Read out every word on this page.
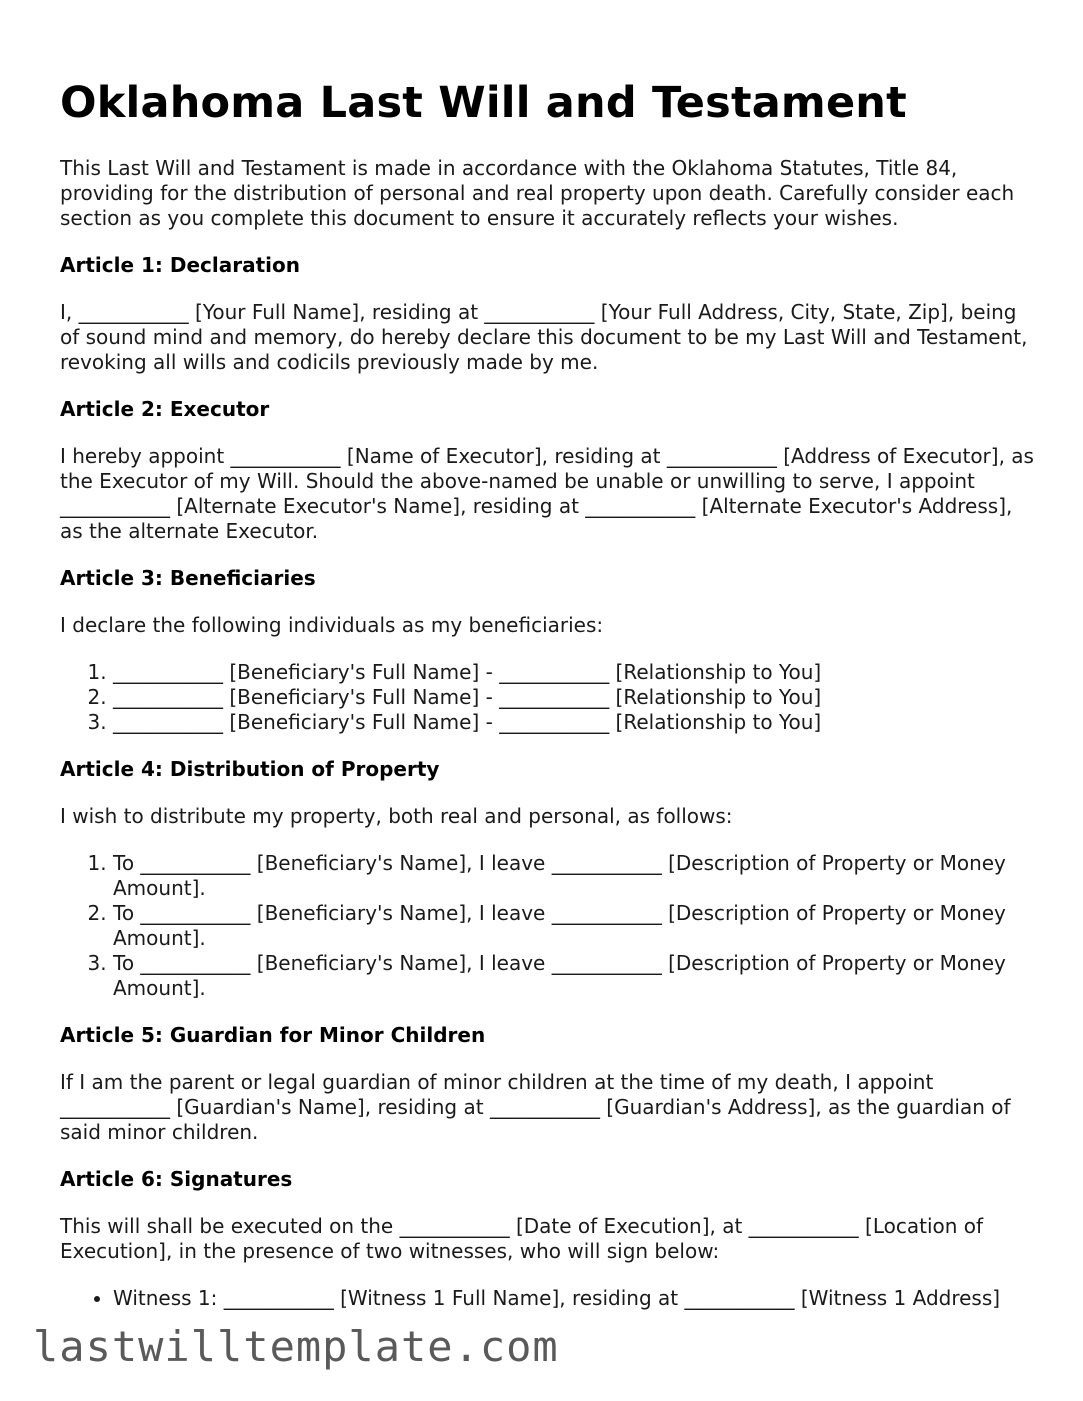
Oklahoma Last Will and Testament

This Last Will and Testament is made in accordance with the Oklahoma Statutes, Title 84, providing for the distribution of personal and real property upon death. Carefully consider each section as you complete this document to ensure it accurately reflects your wishes.

Article 1: Declaration

I, ___________ [Your Full Name], residing at ___________ [Your Full Address, City, State, Zip], being of sound mind and memory, do hereby declare this document to be my Last Will and Testament, revoking all wills and codicils previously made by me.

Article 2: Executor

I hereby appoint ___________ [Name of Executor], residing at ___________ [Address of Executor], as the Executor of my Will. Should the above-named be unable or unwilling to serve, I appoint ___________ [Alternate Executor's Name], residing at ___________ [Alternate Executor's Address], as the alternate Executor.

Article 3: Beneficiaries

I declare the following individuals as my beneficiaries:

1. ___________ [Beneficiary's Full Name] - ___________ [Relationship to You]
2. ___________ [Beneficiary's Full Name] - ___________ [Relationship to You]
3. ___________ [Beneficiary's Full Name] - ___________ [Relationship to You]
Article 4: Distribution of Property

I wish to distribute my property, both real and personal, as follows:

1. To ___________ [Beneficiary's Name], I leave ___________ [Description of Property or Money Amount].
2. To ___________ [Beneficiary's Name], I leave ___________ [Description of Property or Money Amount].
3. To ___________ [Beneficiary's Name], I leave ___________ [Description of Property or Money Amount].
Article 5: Guardian for Minor Children

If I am the parent or legal guardian of minor children at the time of my death, I appoint ___________ [Guardian's Name], residing at ___________ [Guardian's Address], as the guardian of said minor children.

Article 6: Signatures

This will shall be executed on the ___________ [Date of Execution], at ___________ [Location of Execution], in the presence of two witnesses, who will sign below:

• Witness 1: ___________ [Witness 1 Full Name], residing at ___________ [Witness 1 Address]
lastwilltemplate.com
